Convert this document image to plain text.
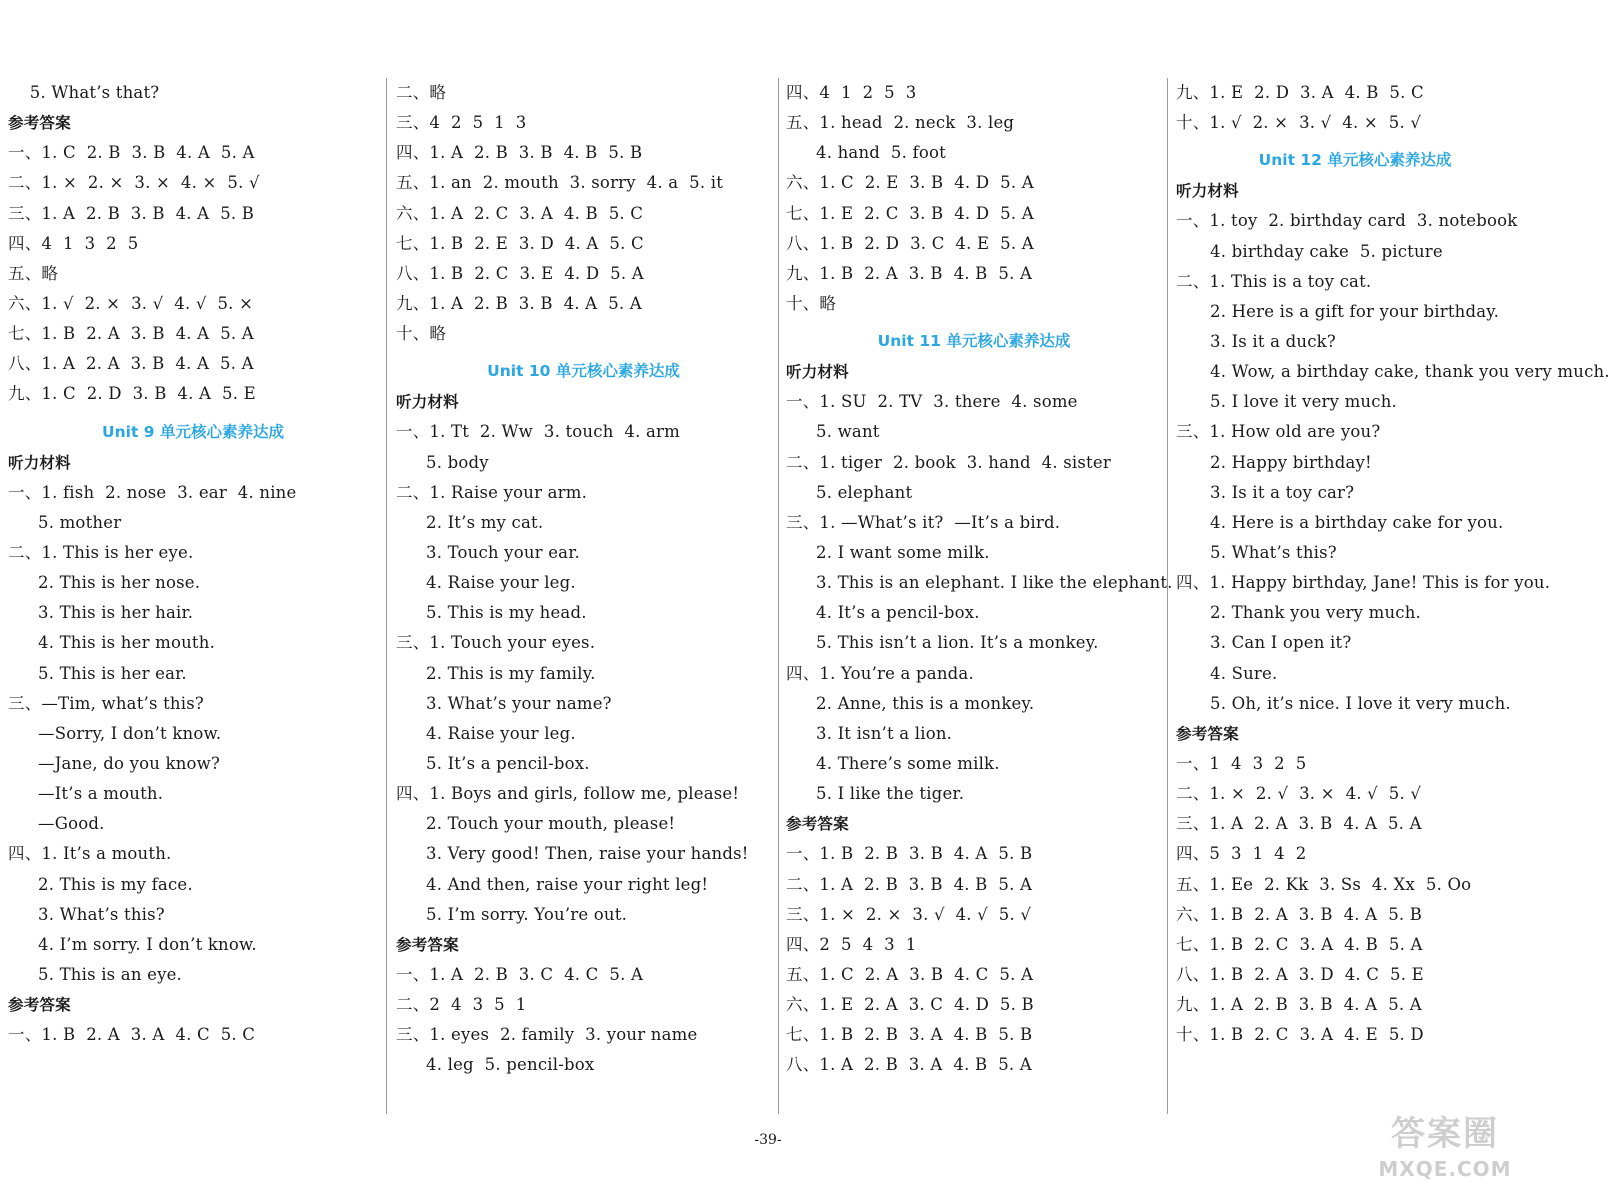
5. What’s that?
参考答案
一、1. C  2. B  3. B  4. A  5. A
二、1. ×  2. ×  3. ×  4. ×  5. √
三、1. A  2. B  3. B  4. A  5. B
四、4  1  3  2  5
五、略
六、1. √  2. ×  3. √  4. √  5. ×
七、1. B  2. A  3. B  4. A  5. A
八、1. A  2. A  3. B  4. A  5. A
九、1. C  2. D  3. B  4. A  5. E
Unit 9 单元核心素养达成
听力材料
一、1. fish  2. nose  3. ear  4. nine
5. mother
二、1. This is her eye.
2. This is her nose.
3. This is her hair.
4. This is her mouth.
5. This is her ear.
三、—Tim, what’s this?
—Sorry, I don’t know.
—Jane, do you know?
—It’s a mouth.
—Good.
四、1. It’s a mouth.
2. This is my face.
3. What’s this?
4. I’m sorry. I don’t know.
5. This is an eye.
参考答案
一、1. B  2. A  3. A  4. C  5. C
二、略
三、4  2  5  1  3
四、1. A  2. B  3. B  4. B  5. B
五、1. an  2. mouth  3. sorry  4. a  5. it
六、1. A  2. C  3. A  4. B  5. C
七、1. B  2. E  3. D  4. A  5. C
八、1. B  2. C  3. E  4. D  5. A
九、1. A  2. B  3. B  4. A  5. A
十、略
Unit 10 单元核心素养达成
听力材料
一、1. Tt  2. Ww  3. touch  4. arm
5. body
二、1. Raise your arm.
2. It’s my cat.
3. Touch your ear.
4. Raise your leg.
5. This is my head.
三、1. Touch your eyes.
2. This is my family.
3. What’s your name?
4. Raise your leg.
5. It’s a pencil-box.
四、1. Boys and girls, follow me, please!
2. Touch your mouth, please!
3. Very good! Then, raise your hands!
4. And then, raise your right leg!
5. I’m sorry. You’re out.
参考答案
一、1. A  2. B  3. C  4. C  5. A
二、2  4  3  5  1
三、1. eyes  2. family  3. your name
4. leg  5. pencil-box
四、4  1  2  5  3
五、1. head  2. neck  3. leg
4. hand  5. foot
六、1. C  2. E  3. B  4. D  5. A
七、1. E  2. C  3. B  4. D  5. A
八、1. B  2. D  3. C  4. E  5. A
九、1. B  2. A  3. B  4. B  5. A
十、略
Unit 11 单元核心素养达成
听力材料
一、1. SU  2. TV  3. there  4. some
5. want
二、1. tiger  2. book  3. hand  4. sister
5. elephant
三、1. —What’s it?  —It’s a bird.
2. I want some milk.
3. This is an elephant. I like the elephant.
4. It’s a pencil-box.
5. This isn’t a lion. It’s a monkey.
四、1. You’re a panda.
2. Anne, this is a monkey.
3. It isn’t a lion.
4. There’s some milk.
5. I like the tiger.
参考答案
一、1. B  2. B  3. B  4. A  5. B
二、1. A  2. B  3. B  4. B  5. A
三、1. ×  2. ×  3. √  4. √  5. √
四、2  5  4  3  1
五、1. C  2. A  3. B  4. C  5. A
六、1. E  2. A  3. C  4. D  5. B
七、1. B  2. B  3. A  4. B  5. B
八、1. A  2. B  3. A  4. B  5. A
九、1. E  2. D  3. A  4. B  5. C
十、1. √  2. ×  3. √  4. ×  5. √
Unit 12 单元核心素养达成
听力材料
一、1. toy  2. birthday card  3. notebook
4. birthday cake  5. picture
二、1. This is a toy cat.
2. Here is a gift for your birthday.
3. Is it a duck?
4. Wow, a birthday cake, thank you very much.
5. I love it very much.
三、1. How old are you?
2. Happy birthday!
3. Is it a toy car?
4. Here is a birthday cake for you.
5. What’s this?
四、1. Happy birthday, Jane! This is for you.
2. Thank you very much.
3. Can I open it?
4. Sure.
5. Oh, it’s nice. I love it very much.
参考答案
一、1  4  3  2  5
二、1. ×  2. √  3. ×  4. √  5. √
三、1. A  2. A  3. B  4. A  5. A
四、5  3  1  4  2
五、1. Ee  2. Kk  3. Ss  4. Xx  5. Oo
六、1. B  2. A  3. B  4. A  5. B
七、1. B  2. C  3. A  4. B  5. A
八、1. B  2. A  3. D  4. C  5. E
九、1. A  2. B  3. B  4. A  5. A
十、1. B  2. C  3. A  4. E  5. D
-39-	答案圈
MXQE.COM
